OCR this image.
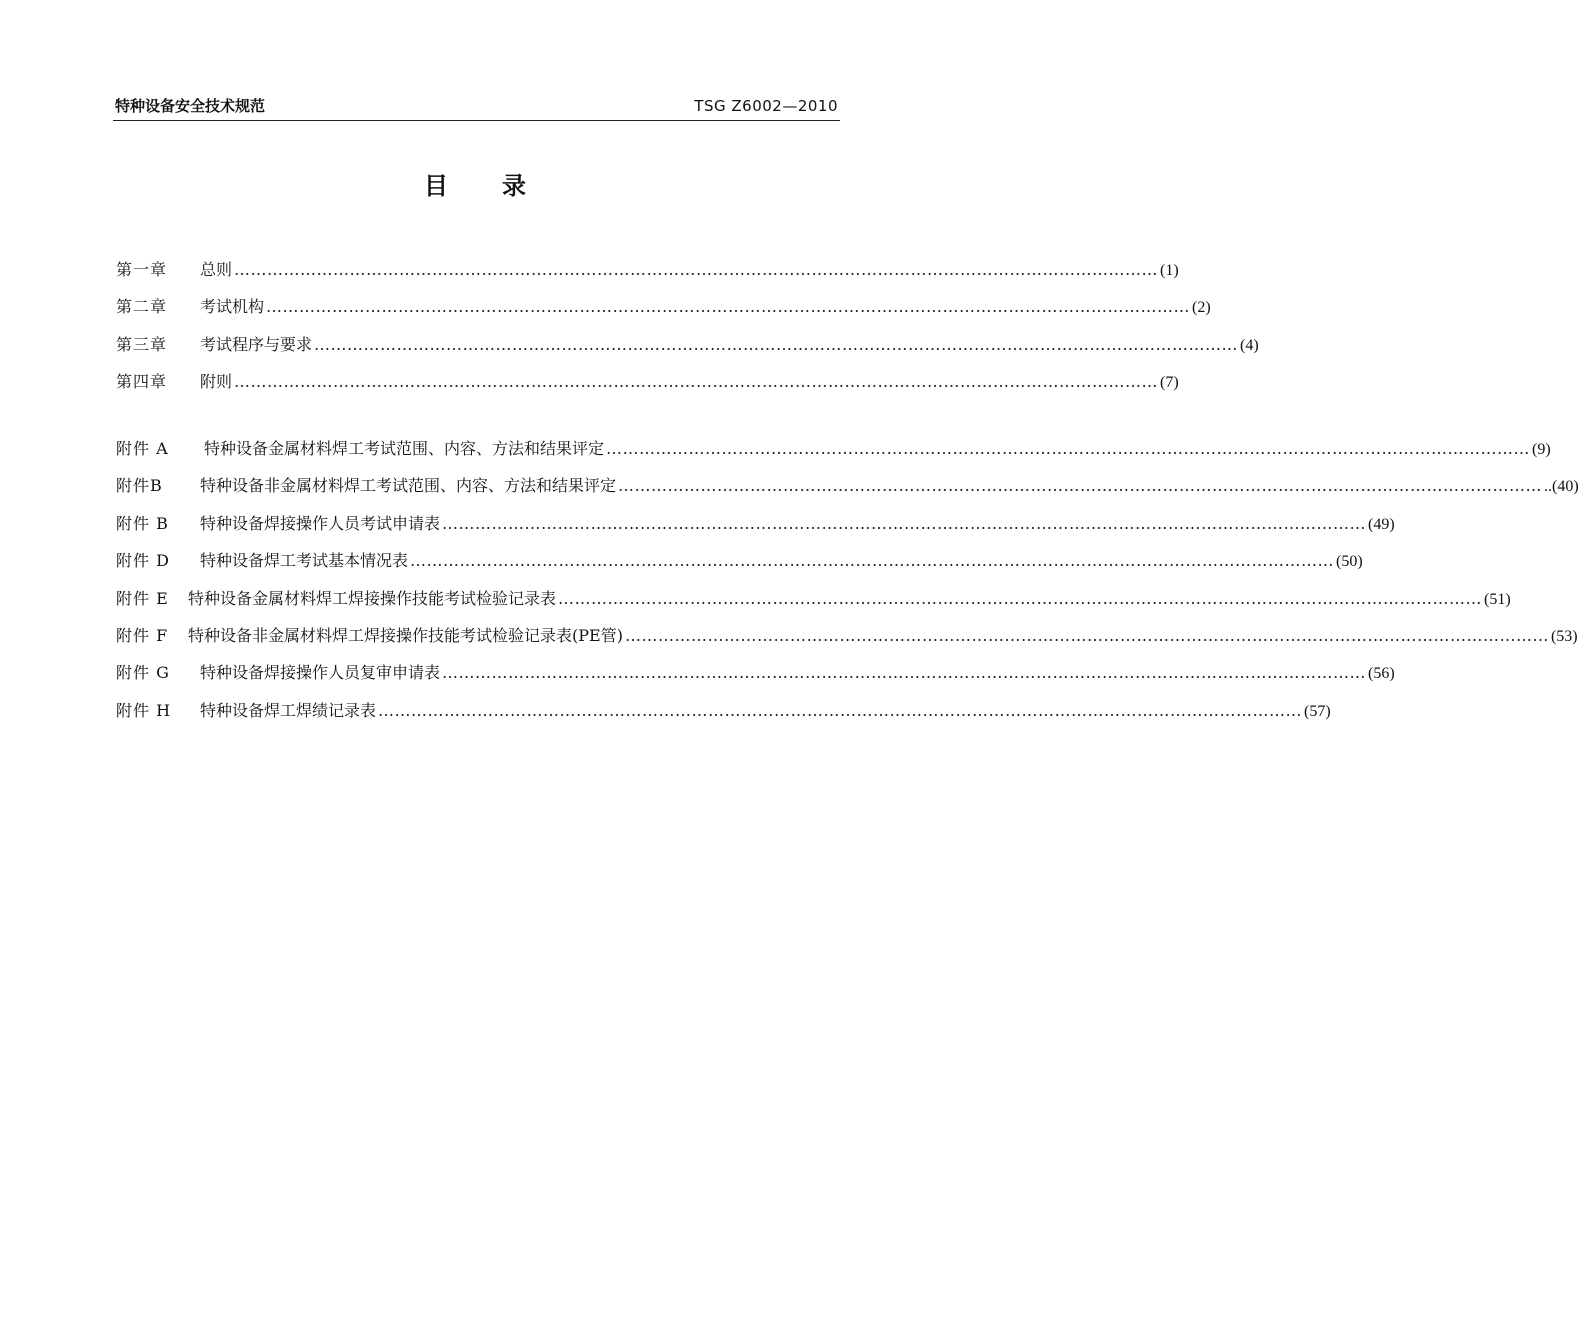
特种设备安全技术规范	TSG Z6002—2010
目录
第一章	总则 …………………………………………………………………………………………………………………………………………………… (1)
第二章	考试机构 …………………………………………………………………………………………………………………………………………………… (2)
第三章	考试程序与要求 …………………………………………………………………………………………………………………………………………………… (4)
第四章	附则 …………………………………………………………………………………………………………………………………………………… (7)
附件 A	特种设备金属材料焊工考试范围、内容、方法和结果评定 …………………………………………………………………………………………………………………………………………………… (9)
附件B	特种设备非金属材料焊工考试范围、内容、方法和结果评定 …………………………………………………………………………………………………………………………………………………… ..(40)
附件 B	特种设备焊接操作人员考试申请表 …………………………………………………………………………………………………………………………………………………… (49)
附件 D	特种设备焊工考试基本情况表 …………………………………………………………………………………………………………………………………………………… (50)
附件 E	特种设备金属材料焊工焊接操作技能考试检验记录表 …………………………………………………………………………………………………………………………………………………… (51)
附件 F	特种设备非金属材料焊工焊接操作技能考试检验记录表(PE管) …………………………………………………………………………………………………………………………………………………… (53)
附件 G	特种设备焊接操作人员复审申请表 …………………………………………………………………………………………………………………………………………………… (56)
附件 H	特种设备焊工焊绩记录表 …………………………………………………………………………………………………………………………………………………… (57)
